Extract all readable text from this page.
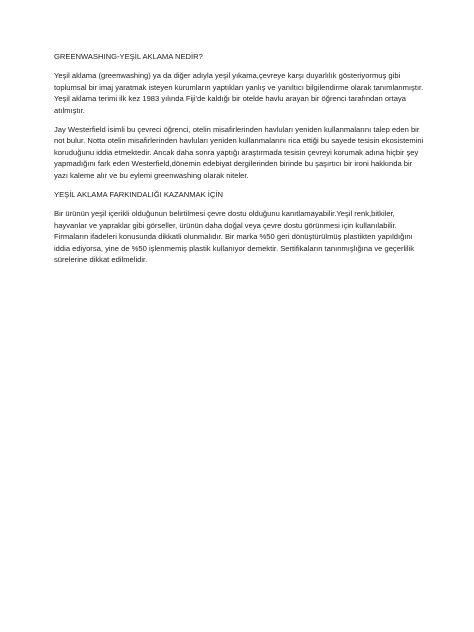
GREENWASHING-YEŞİL AKLAMA NEDİR?

Yeşil aklama (greenwashing) ya da diğer adıyla yeşil yıkama,çevreye karşı duyarlılık gösteriyormuş gibi toplumsal bir imaj yaratmak isteyen kurumların yaptıkları yanlış ve yanıltıcı bilgilendirme olarak tanımlanmıştır. Yeşil aklama terimi ilk kez 1983 yılında Fiji'de kaldığı bir otelde havlu arayan bir öğrenci tarafından ortaya atılmıştır.

Jay Westerfield isimli bu çevreci öğrenci, otelin misafirlerinden havluları yeniden kullanmalarını talep eden bir not bulur. Notta otelin misafirlerinden havluları yeniden kullanmalarını rica ettiği bu sayede tesisin ekosistemini koruduğunu iddia etmektedir. Ancak daha sonra yaptığı araştırmada tesisin çevreyi korumak adına hiçbir şey yapmadığını fark eden Westerfield,dönemin edebiyat dergilerinden birinde bu şaşırtıcı bir ironi hakkında bir yazı kaleme alır ve bu eylemi greenwashing olarak niteler.

YEŞİL AKLAMA FARKINDALIĞI KAZANMAK İÇİN

Bir ürünün yeşil içerikli olduğunun belirtilmesi çevre dostu olduğunu kanıtlamayabilir.Yeşil renk,bitkiler, hayvanlar ve yapraklar gibi görseller, ürünün daha doğal veya çevre dostu görünmesi için kullanılabilir. Firmaların ifadeleri konusunda dikkatli olunmalıdır. Bir marka %50 geri dönüştürülmüş plastikten yapıldığını iddia ediyorsa, yine de %50 işlenmemiş plastik kullanıyor demektir. Sertifikaların tanınmışlığına ve geçerlilik sürelerine dikkat edilmelidir.
